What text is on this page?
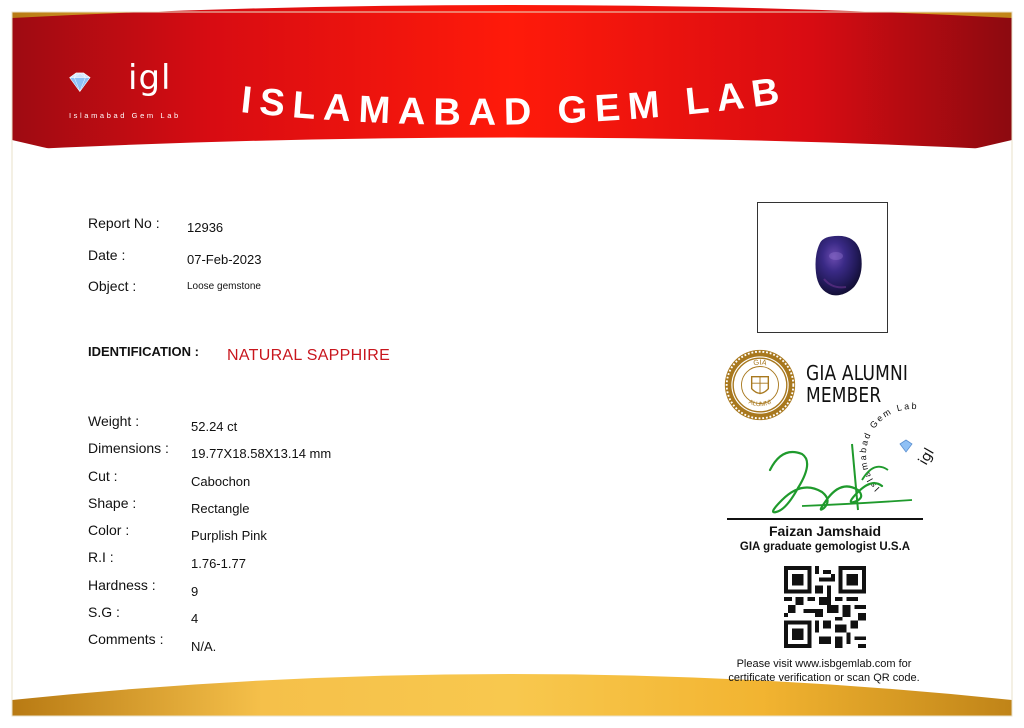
igl
Islamabad Gem Lab ISLAMABAD GEM LAB
Report No : 12936
Date :	07-Feb-2023
Object :	Loose gemstone
IDENTIFICATION : NATURAL SAPPHIRE
Weight :	52.24 ct
Dimensions : 19.77X18.58X13.14 mm
Cut :	Cabochon
Shape :	Rectangle
Color :	Purplish Pink
R.I :	1.76-1.77
Hardness :	9
S.G :	4
Comments : N/A.
GIA
ALUMNI
GIA ALUMNI
MEMBER
Islamabad Gem Lab
igl
Faizan Jamshaid
GIA graduate gemologist U.S.A
Please visit www.isbgemlab.com for
certificate verification or scan QR code.
